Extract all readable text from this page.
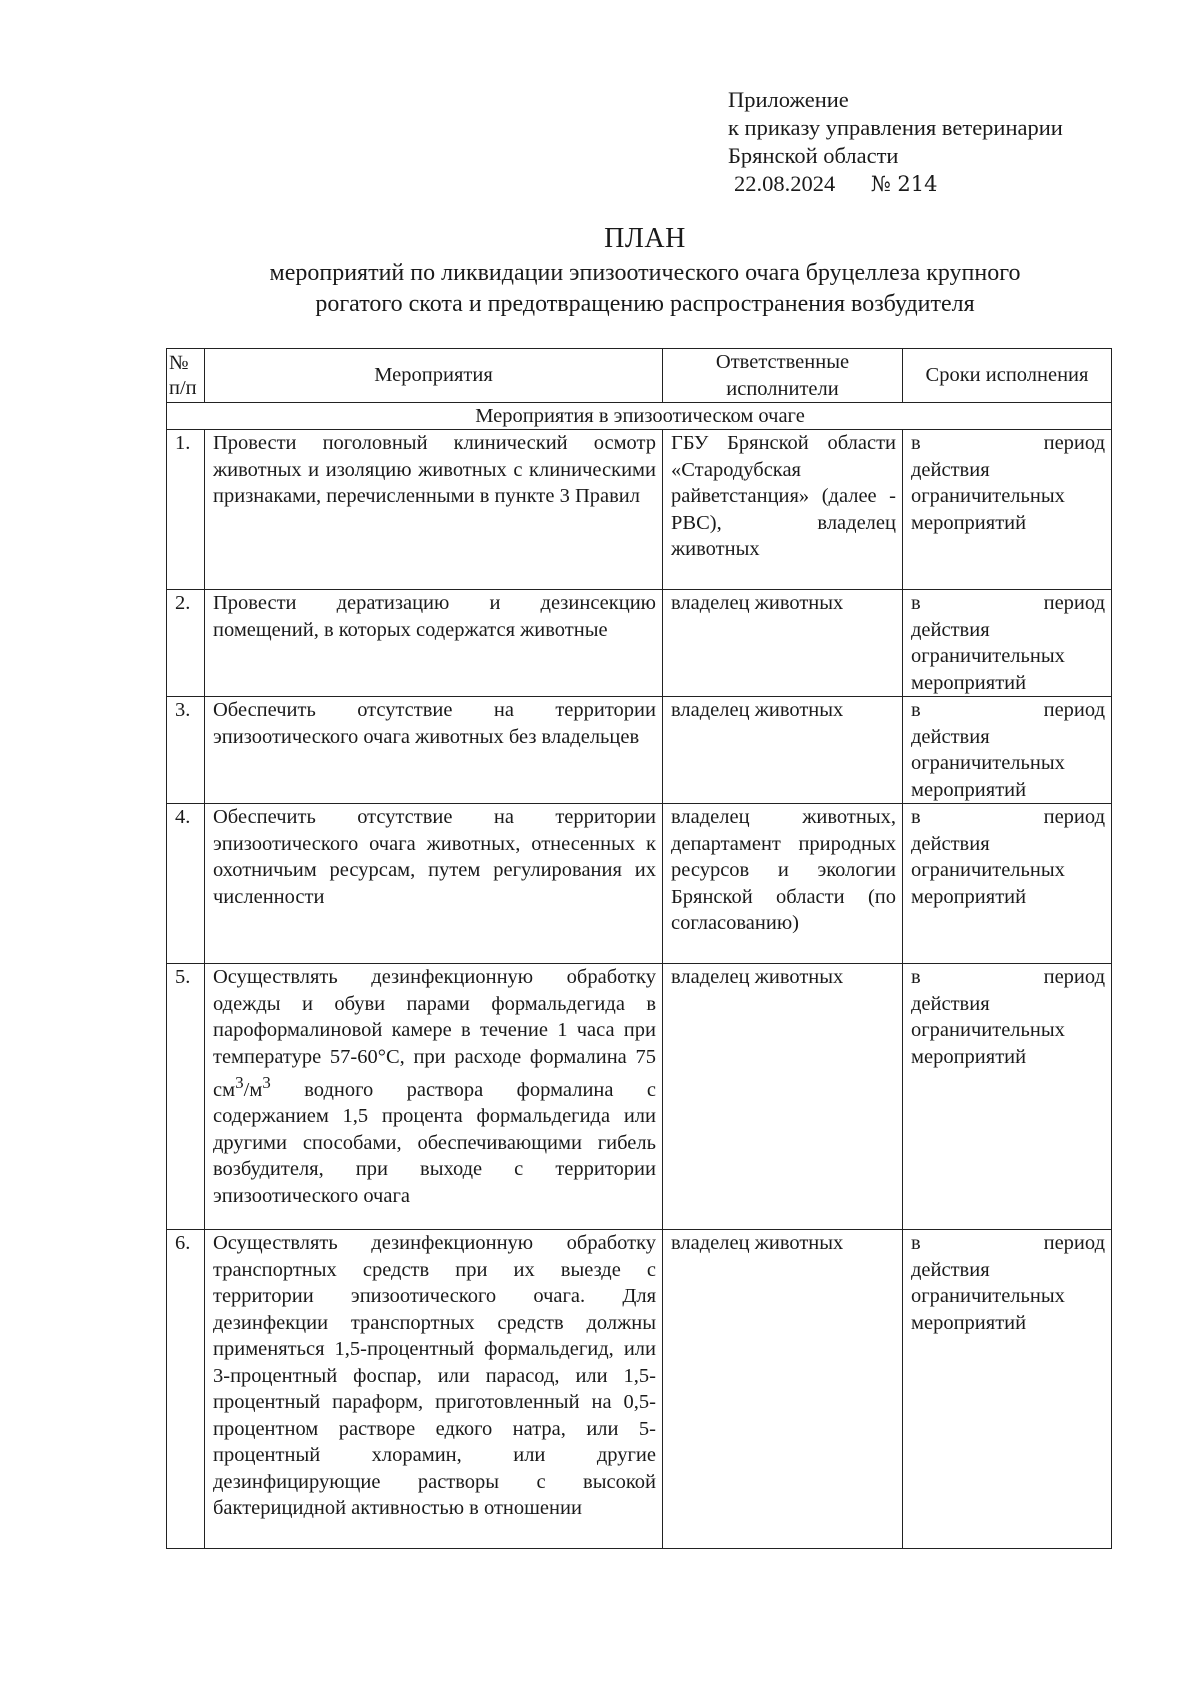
Приложение
к приказу управления ветеринарии
Брянской области
22.08.2024 № 214
ПЛАН
мероприятий по ликвидации эпизоотического очага бруцеллеза крупного
рогатого скота и предотвращению распространения возбудителя
№ п/п	Мероприятия	Ответственные исполнители	Сроки исполнения
Мероприятия в эпизоотическом очаге			
1.	Провести поголовный клинический осмотр животных и изоляцию животных с клиническими признаками, перечисленными в пункте 3 Правил	ГБУ Брянской области «Стародубская райветстанция» (далее - РВС), владелец животных	в период
действия ограничительных мероприятий

2.	Провести дератизацию и дезинсекцию помещений, в которых содержатся животные	владелец животных	в период
действия ограничительных мероприятий

3.	Обеспечить отсутствие на территории эпизоотического очага животных без владельцев	владелец животных	в период
действия ограничительных мероприятий

4.	Обеспечить отсутствие на территории эпизоотического очага животных, отнесенных к охотничьим ресурсам, путем регулирования их численности	владелец животных, департамент природных ресурсов и экологии Брянской области (по согласованию)	в период
действия ограничительных мероприятий

5.	Осуществлять дезинфекционную обработку одежды и обуви парами формальдегида в пароформалиновой камере в течение 1 часа при температуре 57-60°С, при расходе формалина 75 $см^3/м^3$ водного раствора формалина с содержанием 1,5 процента формальдегида или другими способами, обеспечивающими гибель возбудителя, при выходе с территории эпизоотического очага	владелец животных	в период
действия ограничительных мероприятий

6.	Осуществлять дезинфекционную обработку транспортных средств при их выезде с территории эпизоотического очага. Для дезинфекции транспортных средств должны применяться 1,5-процентный формальдегид, или 3-процентный фоспар, или парасод, или 1,5-процентный параформ, приготовленный на 0,5-процентном растворе едкого натра, или 5-процентный хлорамин, или другие дезинфицирующие растворы с высокой бактерицидной активностью в отношении	владелец животных	в период
действия ограничительных мероприятий
